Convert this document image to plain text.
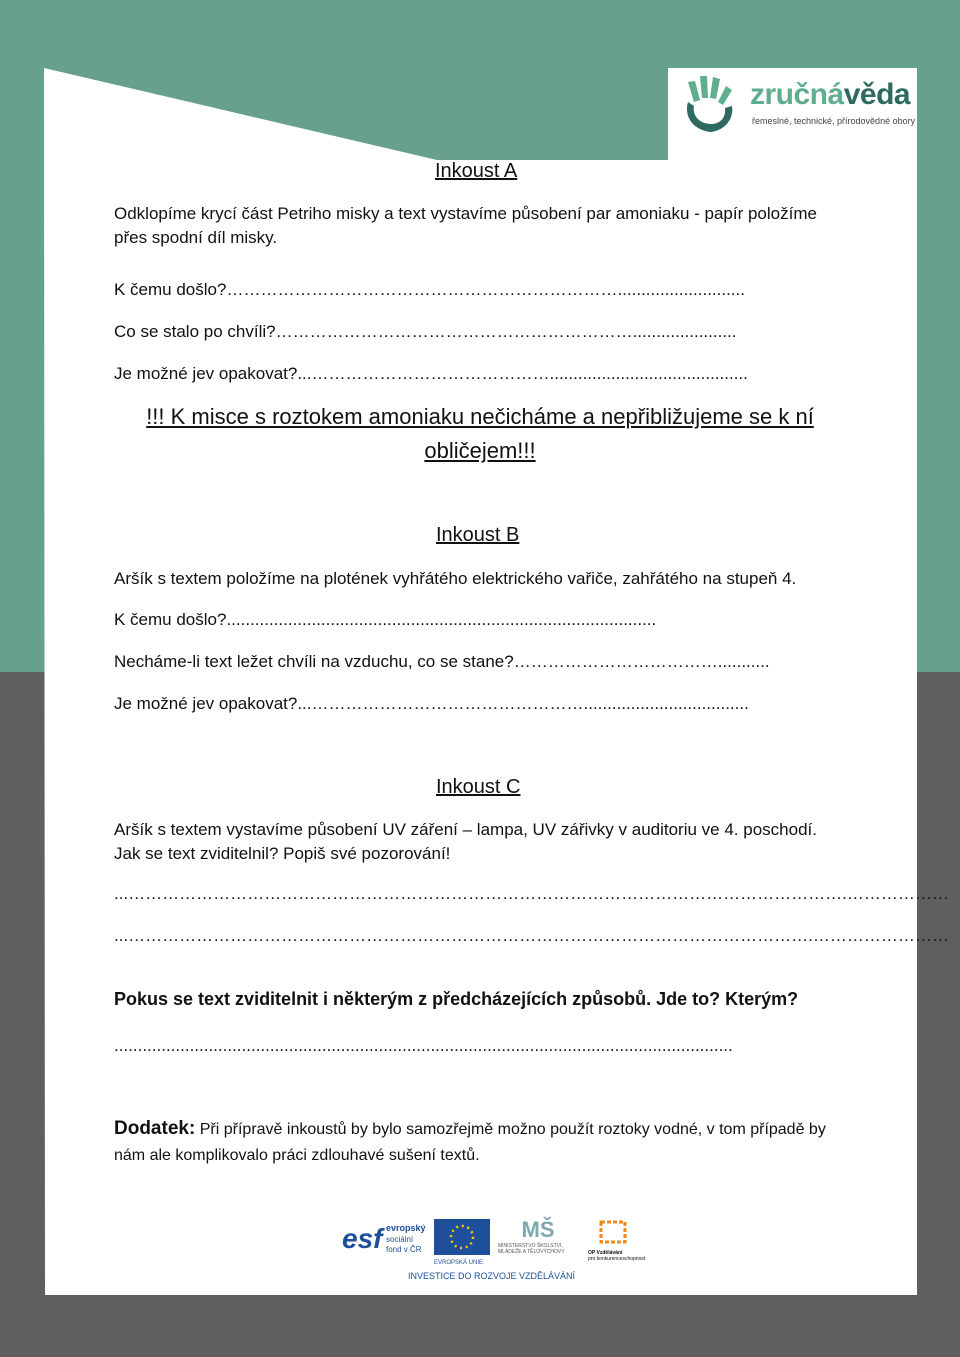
zručnávěda
řemeslné, technické, přírodovědné obory
Inkoust A
Odklopíme krycí část Petriho misky a text vystavíme působení par amoniaku - papír položíme
přes spodní díl misky.
K čemu došlo?……………………………………………………………...........................
Co se stalo po chvíli?………………………………………………………......................
Je možné jev opakovat?...……………………………………..........................................
!!! K misce s roztokem amoniaku nečicháme a nepřibližujeme se k ní
obličejem!!!
Inkoust B
Aršík s textem položíme na plotének vyhřátého elektrického vařiče, zahřátého na stupeň 4.
K čemu došlo?...........................................................................................
Necháme-li text ležet chvíli na vzduchu, co se stane?………………………………...........
Je možné jev opakovat?...…………………………………………...................................
Inkoust C
Aršík s textem vystavíme působení UV záření – lampa, UV zářivky v auditoriu ve 4. poschodí.
Jak se text zviditelnil? Popiš své pozorování!
...……………………………………………………………………………………………………………….………………
...………………………………………………………………………………………………………….……………………
Pokus se text zviditelnit i některým z předcházejících způsobů. Jde to? Kterým?
...................................................................................................................................
Dodatek: Při přípravě inkoustů by bylo samozřejmě možno použít roztoky vodné, v tom případě by
nám ale komplikovalo práci zdlouhavé sušení textů.
esf evropský
sociální
fond v ČR
EVROPSKÁ UNIE
MŠ
MINISTERSTVO ŠKOLSTVÍ,
MLÁDEŽE A TĚLOVÝCHOVY	OP Vzdělávání
pro konkurenceschopnost
INVESTICE DO ROZVOJE VZDĚLÁVÁNÍ
